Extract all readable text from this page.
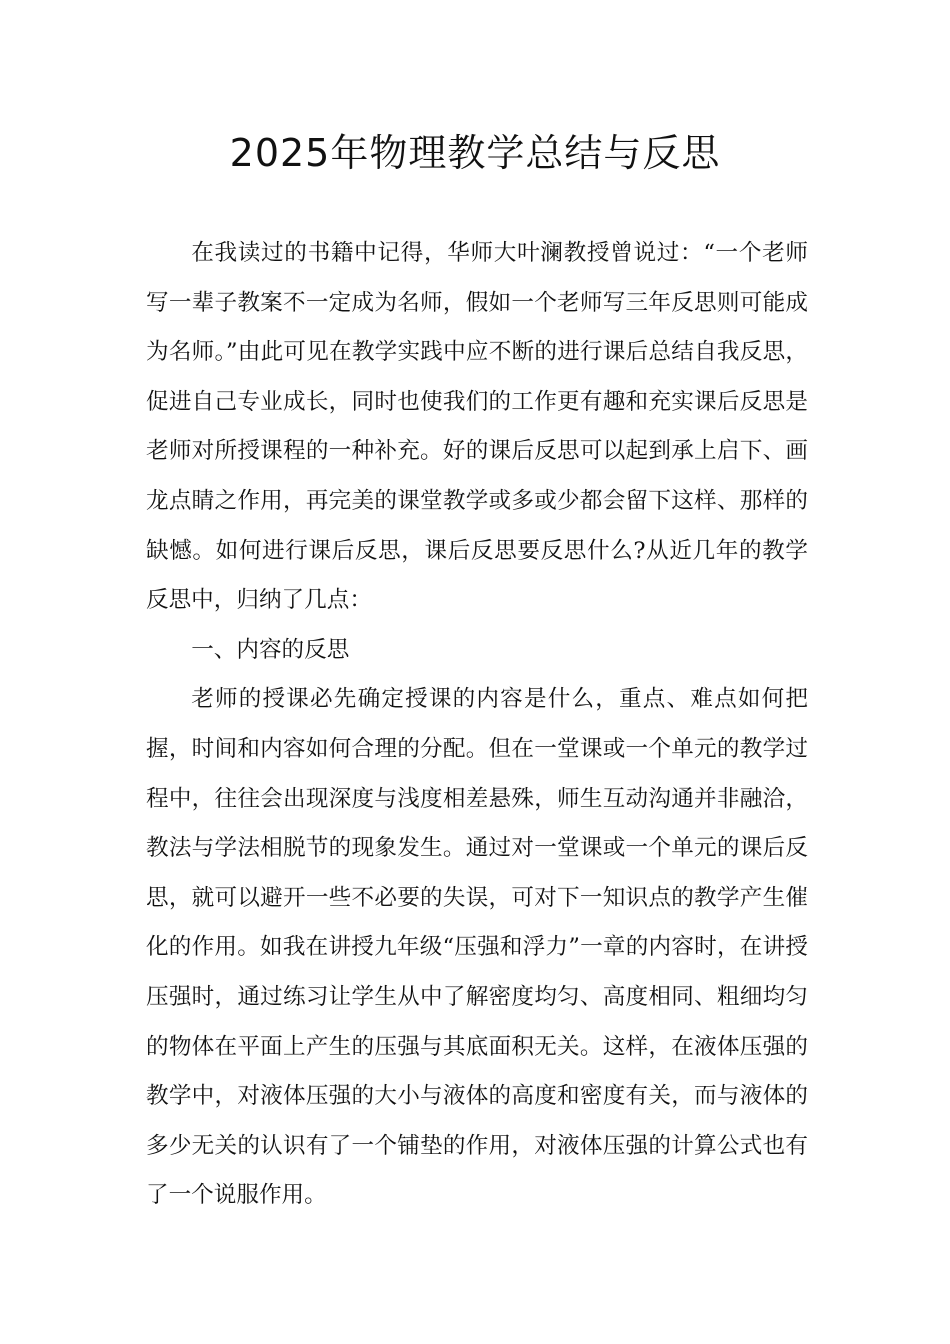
2025年物理教学总结与反思

在我读过的书籍中记得，华师大叶澜教授曾说过：“一个老师写一辈子教案不一定成为名师，假如一个老师写三年反思则可能成为名师。”由此可见在教学实践中应不断的进行课后总结自我反思，促进自己专业成长，同时也使我们的工作更有趣和充实课后反思是老师对所授课程的一种补充。好的课后反思可以起到承上启下、画龙点睛之作用，再完美的课堂教学或多或少都会留下这样、那样的缺憾。如何进行课后反思，课后反思要反思什么?从近几年的教学反思中，归纳了几点：

一、内容的反思

老师的授课必先确定授课的内容是什么，重点、难点如何把握，时间和内容如何合理的分配。但在一堂课或一个单元的教学过程中，往往会出现深度与浅度相差悬殊，师生互动沟通并非融洽，教法与学法相脱节的现象发生。通过对一堂课或一个单元的课后反思，就可以避开一些不必要的失误，可对下一知识点的教学产生催化的作用。如我在讲授九年级“压强和浮力”一章的内容时，在讲授压强时，通过练习让学生从中了解密度均匀、高度相同、粗细均匀的物体在平面上产生的压强与其底面积无关。这样，在液体压强的教学中，对液体压强的大小与液体的高度和密度有关，而与液体的多少无关的认识有了一个铺垫的作用，对液体压强的计算公式也有了一个说服作用。
